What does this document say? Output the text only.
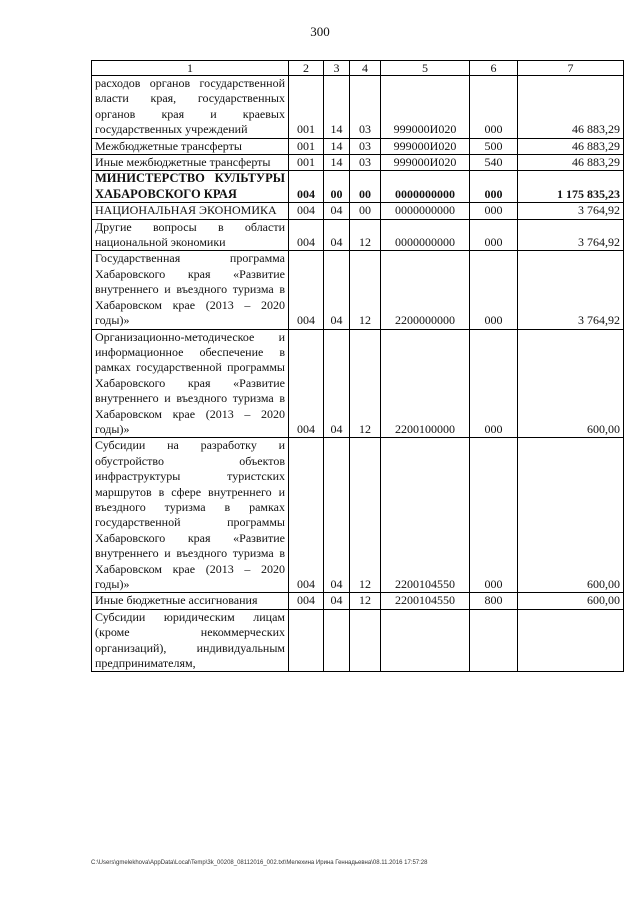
300
1	2	3	4	5	6	7
расходов органов государственной власти края, государственных органов края и краевых государственных учреждений	001	14	03	999000И020	000	46 883,29
Межбюджетные трансферты	001	14	03	999000И020	500	46 883,29
Иные межбюджетные трансферты	001	14	03	999000И020	540	46 883,29
МИНИСТЕРСТВО КУЛЬТУРЫ ХАБАРОВСКОГО КРАЯ	004	00	00	0000000000	000	1 175 835,23
НАЦИОНАЛЬНАЯ ЭКОНОМИКА	004	04	00	0000000000	000	3 764,92
Другие вопросы в области национальной экономики	004	04	12	0000000000	000	3 764,92
Государственная программа Хабаровского края «Развитие внутреннего и въездного туризма в Хабаровском крае (2013 – 2020 годы)»	004	04	12	2200000000	000	3 764,92
Организационно-методическое и информационное обеспечение в рамках государственной программы Хабаровского края «Развитие внутреннего и въездного туризма в Хабаровском крае (2013 – 2020 годы)»	004	04	12	2200100000	000	600,00
Субсидии на разработку и обустройство объектов инфраструктуры туристских маршрутов в сфере внутреннего и въездного туризма в рамках государственной программы Хабаровского края «Развитие внутреннего и въездного туризма в Хабаровском крае (2013 – 2020 годы)»	004	04	12	2200104550	000	600,00
Иные бюджетные ассигнования	004	04	12	2200104550	800	600,00
Субсидии юридическим лицам (кроме некоммерческих организаций), индивидуальным предпринимателям,						
C:\Users\gmelekhova\AppData\Local\Temp\3k_00208_08112016_002.txt\Мелехина Ирина Геннадьевна\08.11.2016 17:57:28
